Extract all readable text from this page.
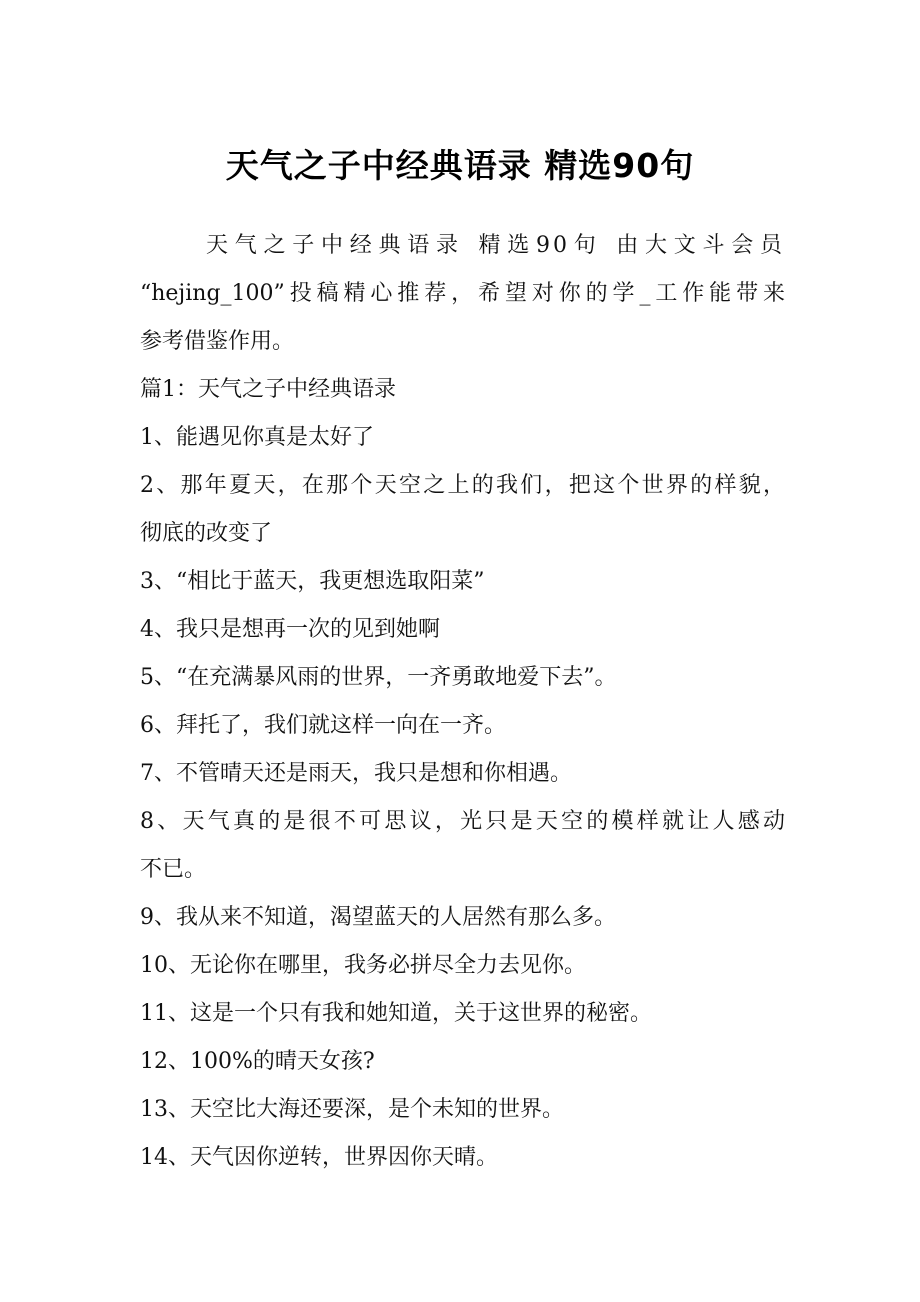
天气之子中经典语录 精选90句
天气之子中经典语录 精选90句 由大文斗会员
“hejing_100”投稿精心推荐，希望对你的学_工作能带来
参考借鉴作用。
篇1：天气之子中经典语录
1、能遇见你真是太好了
2、那年夏天，在那个天空之上的我们，把这个世界的样貌，
彻底的改变了
3、“相比于蓝天，我更想选取阳菜”
4、我只是想再一次的见到她啊
5、“在充满暴风雨的世界，一齐勇敢地爱下去”。
6、拜托了，我们就这样一向在一齐。
7、不管晴天还是雨天，我只是想和你相遇。
8、天气真的是很不可思议，光只是天空的模样就让人感动
不已。
9、我从来不知道，渴望蓝天的人居然有那么多。
10、无论你在哪里，我务必拼尽全力去见你。
11、这是一个只有我和她知道，关于这世界的秘密。
12、100%的晴天女孩?
13、天空比大海还要深，是个未知的世界。
14、天气因你逆转，世界因你天晴。
